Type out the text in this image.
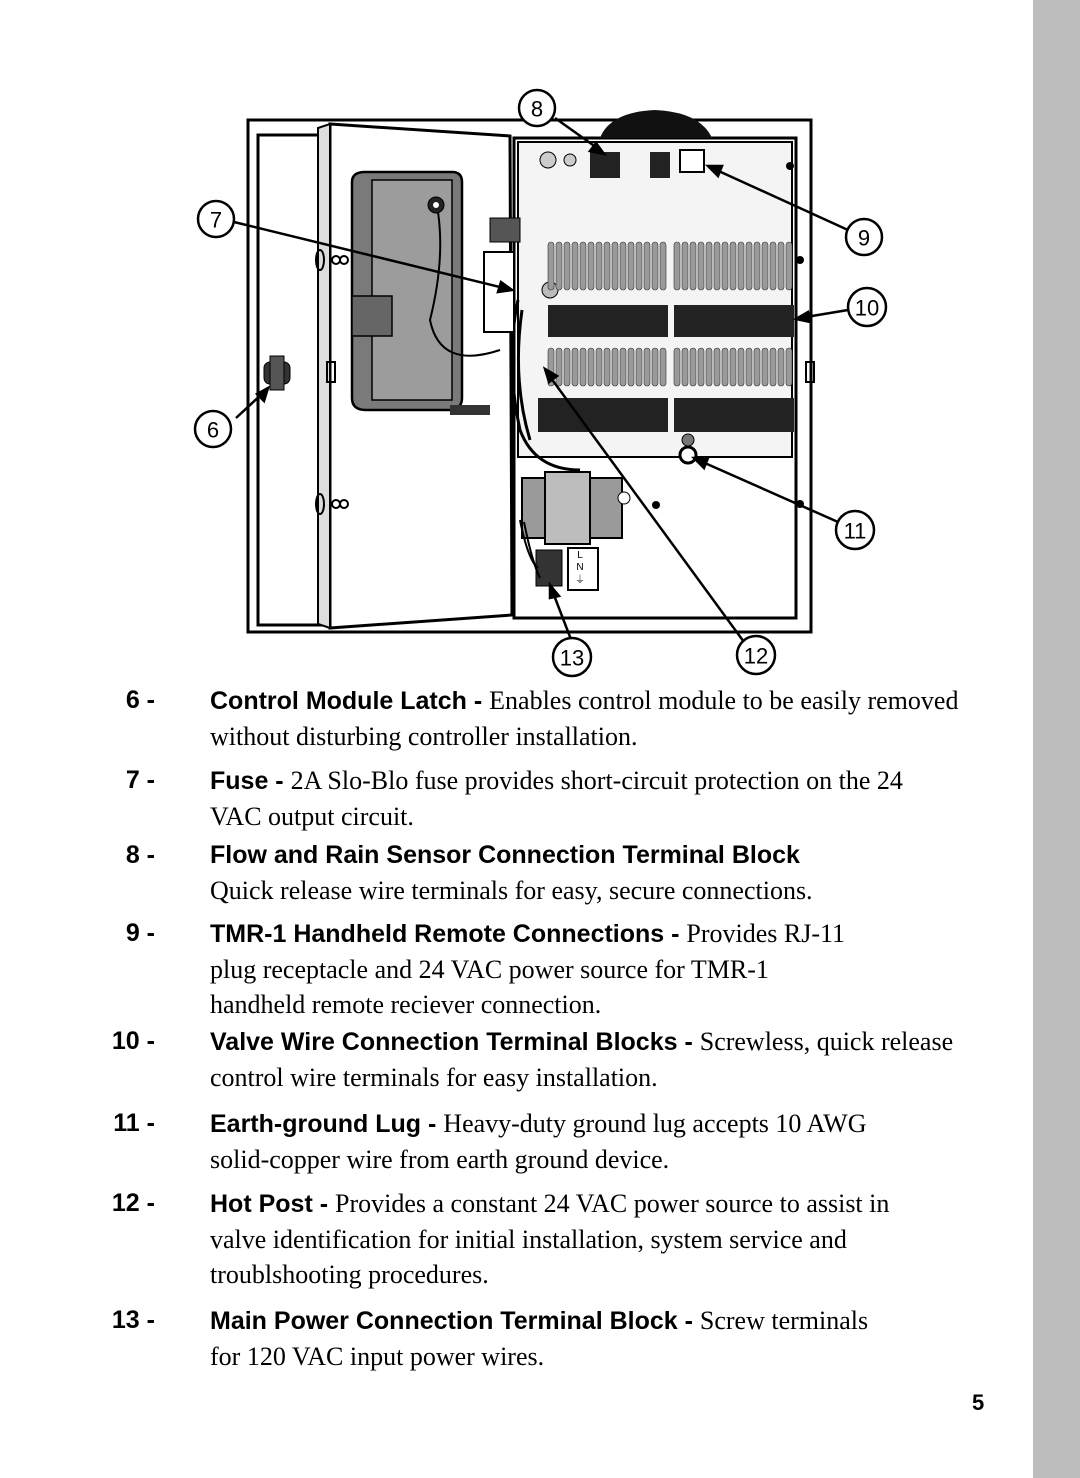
L
N
⏚
6
7
8
9
10
11
12
13
6 - Control Module Latch - Enables control module to be easily removed without disturbing controller installation.
7 - Fuse - 2A Slo-Blo fuse provides short-circuit protection on the 24 VAC output circuit.
8 - Flow and Rain Sensor Connection Terminal Block
Quick release wire terminals for easy, secure connections.
9 - TMR-1 Handheld Remote Connections - Provides RJ-11 plug receptacle and 24 VAC power source for TMR-1 handheld remote reciever connection.
10 - Valve Wire Connection Terminal Blocks - Screwless, quick release control wire terminals for easy installation.
11 - Earth-ground Lug - Heavy-duty ground lug accepts 10 AWG solid-copper wire from earth ground device.
12 - Hot Post - Provides a constant 24 VAC power source to assist in valve identification for initial installation, system service and troublshooting procedures.
13 - Main Power Connection Terminal Block - Screw terminals for 120 VAC input power wires.
5
